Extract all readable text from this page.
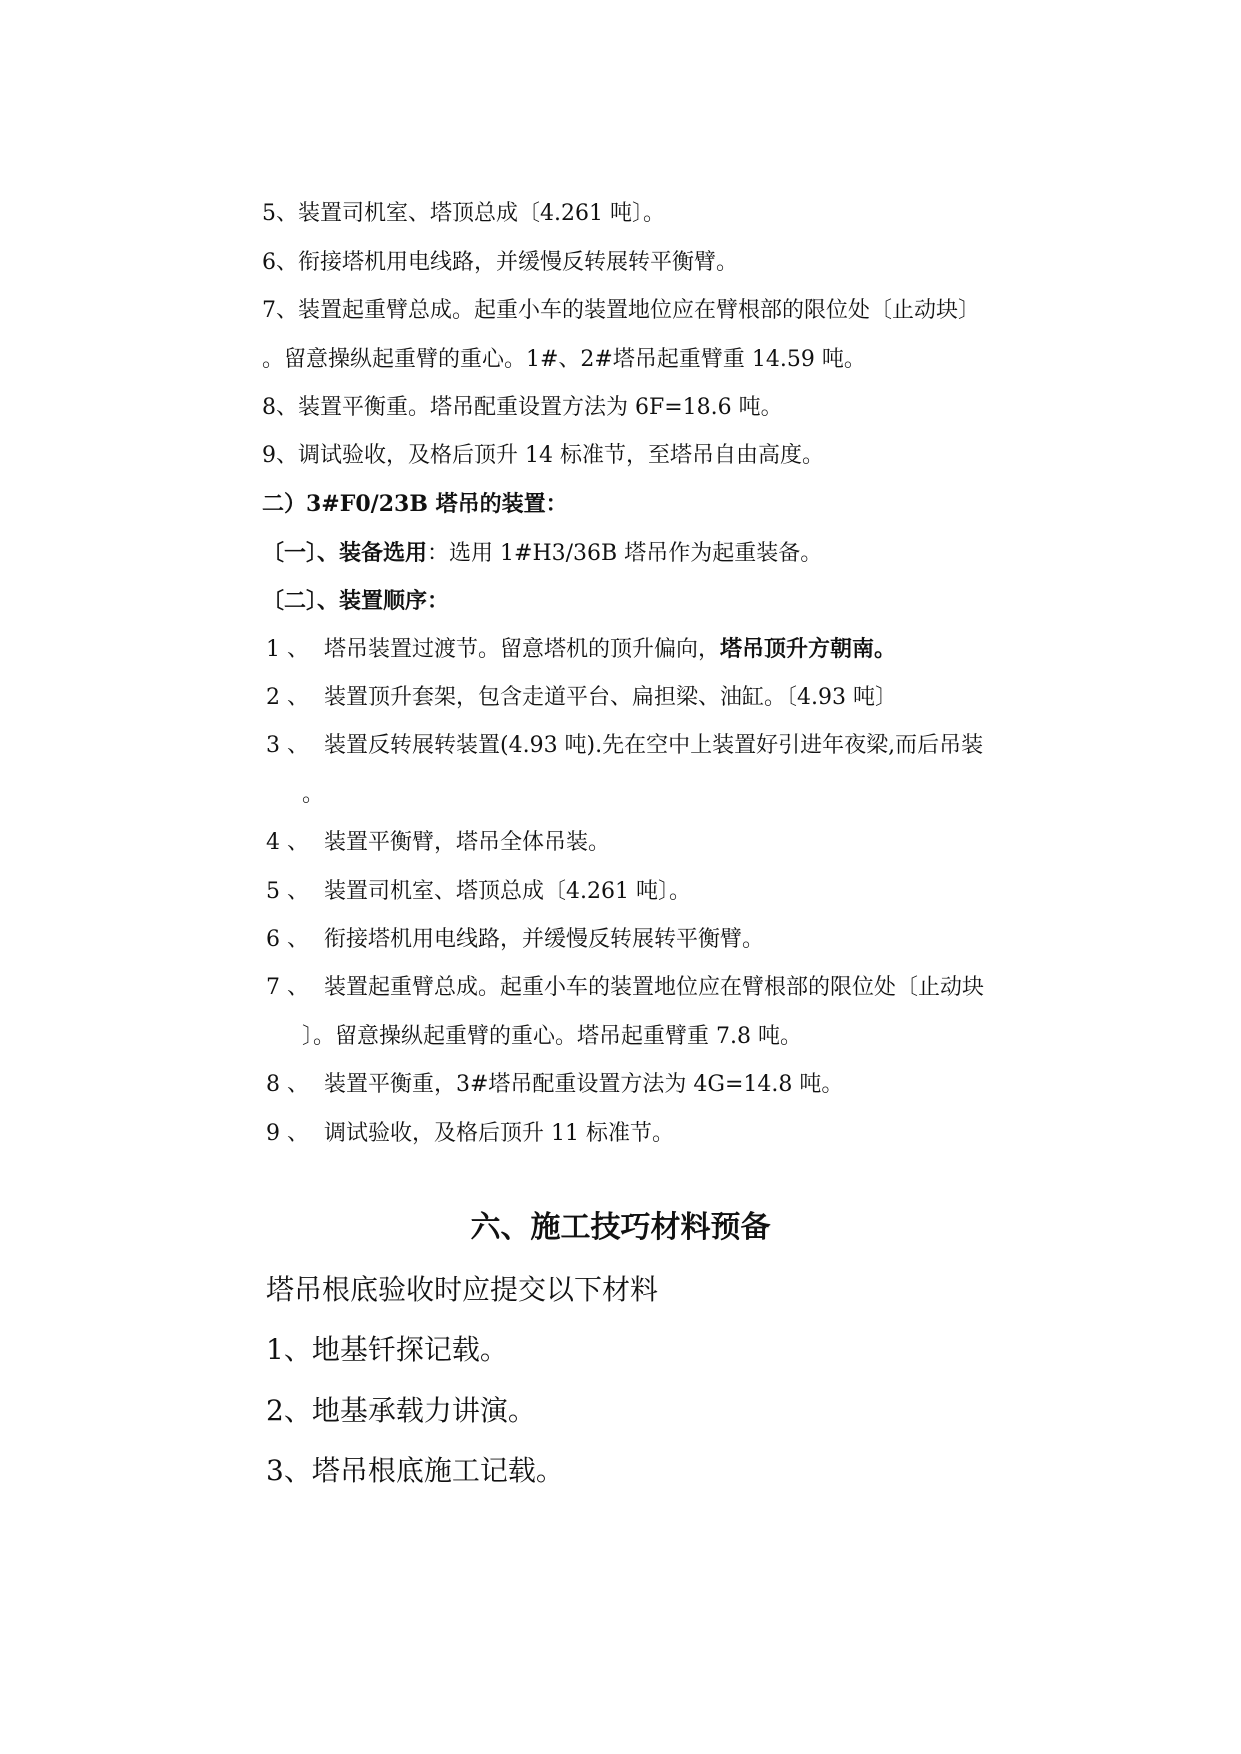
5、装置司机室、塔顶总成〔4.261 吨〕。
6、衔接塔机用电线路，并缓慢反转展转平衡臂。
7、装置起重臂总成。起重小车的装置地位应在臂根部的限位处〔止动块〕
。留意操纵起重臂的重心。1#、2#塔吊起重臂重 14.59 吨。
8、装置平衡重。塔吊配重设置方法为 6F=18.6 吨。
9、调试验收，及格后顶升 14 标准节，至塔吊自由高度。
二）3#F0/23B 塔吊的装置：
〔一〕、装备选用：选用 1#H3/36B 塔吊作为起重装备。
〔二〕、装置顺序：
1 、 塔吊装置过渡节。留意塔机的顶升偏向，塔吊顶升方朝南。
2 、 装置顶升套架，包含走道平台、扁担梁、油缸。〔4.93 吨〕
3 、 装置反转展转装置(4.93 吨).先在空中上装置好引进年夜梁,而后吊装
。
4 、 装置平衡臂，塔吊全体吊装。
5 、 装置司机室、塔顶总成〔4.261 吨〕。
6 、 衔接塔机用电线路，并缓慢反转展转平衡臂。
7 、 装置起重臂总成。起重小车的装置地位应在臂根部的限位处〔止动块
〕。留意操纵起重臂的重心。塔吊起重臂重 7.8 吨。
8 、 装置平衡重，3#塔吊配重设置方法为 4G=14.8 吨。
9 、 调试验收，及格后顶升 11 标准节。
六、施工技巧材料预备
塔吊根底验收时应提交以下材料
1、地基钎探记载。
2、地基承载力讲演。
3、塔吊根底施工记载。
